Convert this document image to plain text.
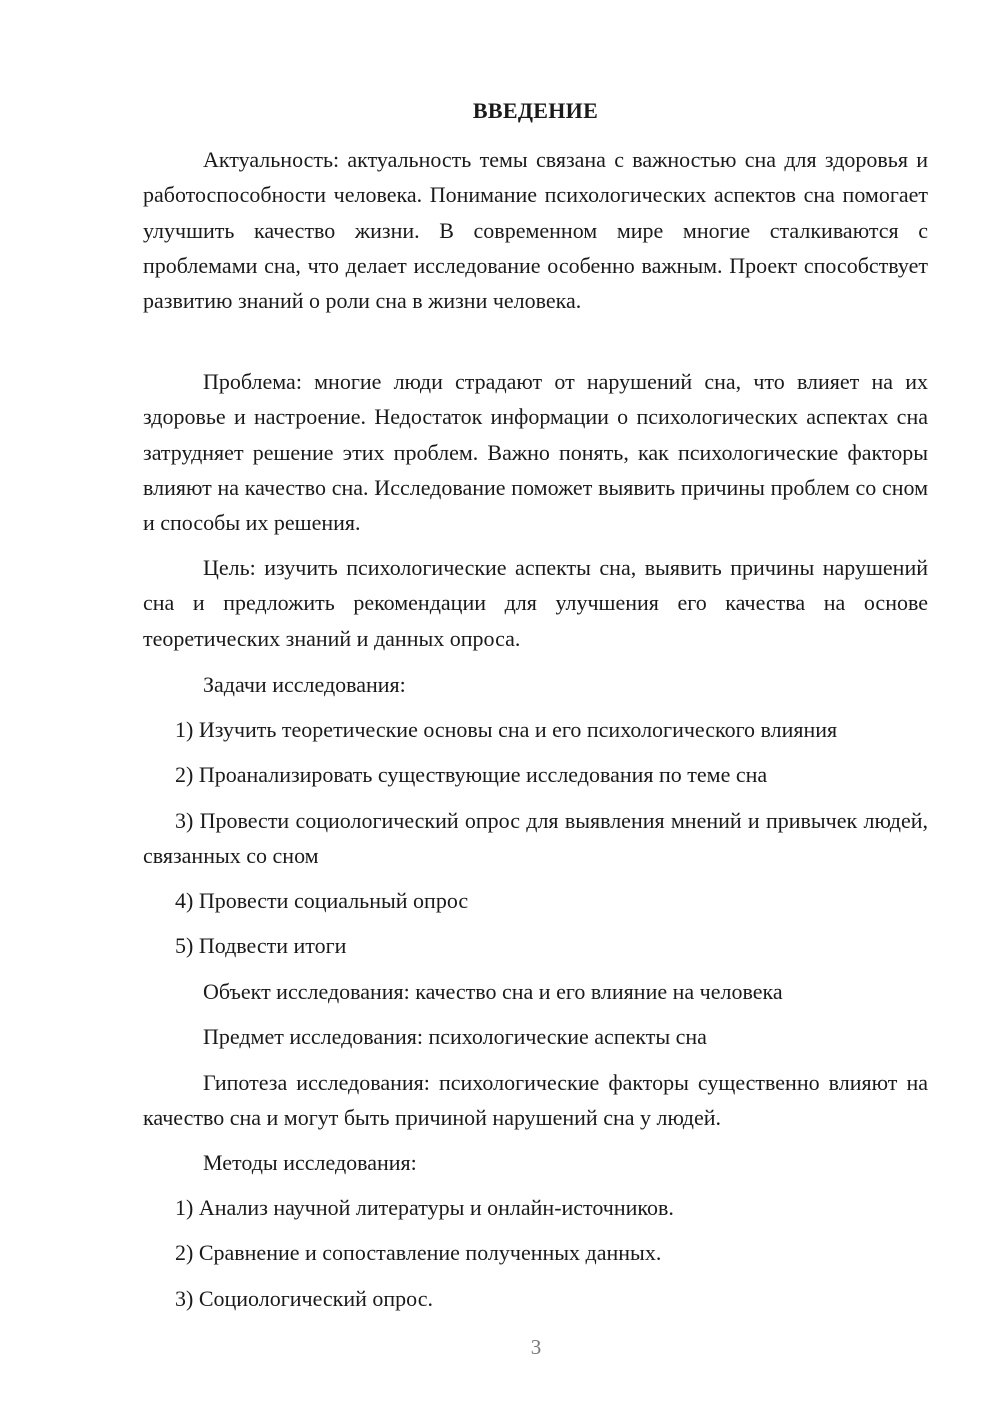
ВВЕДЕНИЕ

Актуальность: актуальность темы связана с важностью сна для здоровья и работоспособности человека. Понимание психологических аспектов сна помогает улучшить качество жизни. В современном мире многие сталкиваются с проблемами сна, что делает исследование особенно важным. Проект способствует развитию знаний о роли сна в жизни человека.

Проблема: многие люди страдают от нарушений сна, что влияет на их здоровье и настроение. Недостаток информации о психологических аспектах сна затрудняет решение этих проблем. Важно понять, как психологические факторы влияют на качество сна. Исследование поможет выявить причины проблем со сном и способы их решения.

Цель: изучить психологические аспекты сна, выявить причины нарушений сна и предложить рекомендации для улучшения его качества на основе теоретических знаний и данных опроса.

Задачи исследования:

1) Изучить теоретические основы сна и его психологического влияния

2) Проанализировать существующие исследования по теме сна

3) Провести социологический опрос для выявления мнений и привычек людей, связанных со сном

4) Провести социальный опрос

5) Подвести итоги

Объект исследования: качество сна и его влияние на человека

Предмет исследования: психологические аспекты сна

Гипотеза исследования: психологические факторы существенно влияют на качество сна и могут быть причиной нарушений сна у людей.

Методы исследования:

1) Анализ научной литературы и онлайн-источников.

2) Сравнение и сопоставление полученных данных.

3) Социологический опрос.

3
